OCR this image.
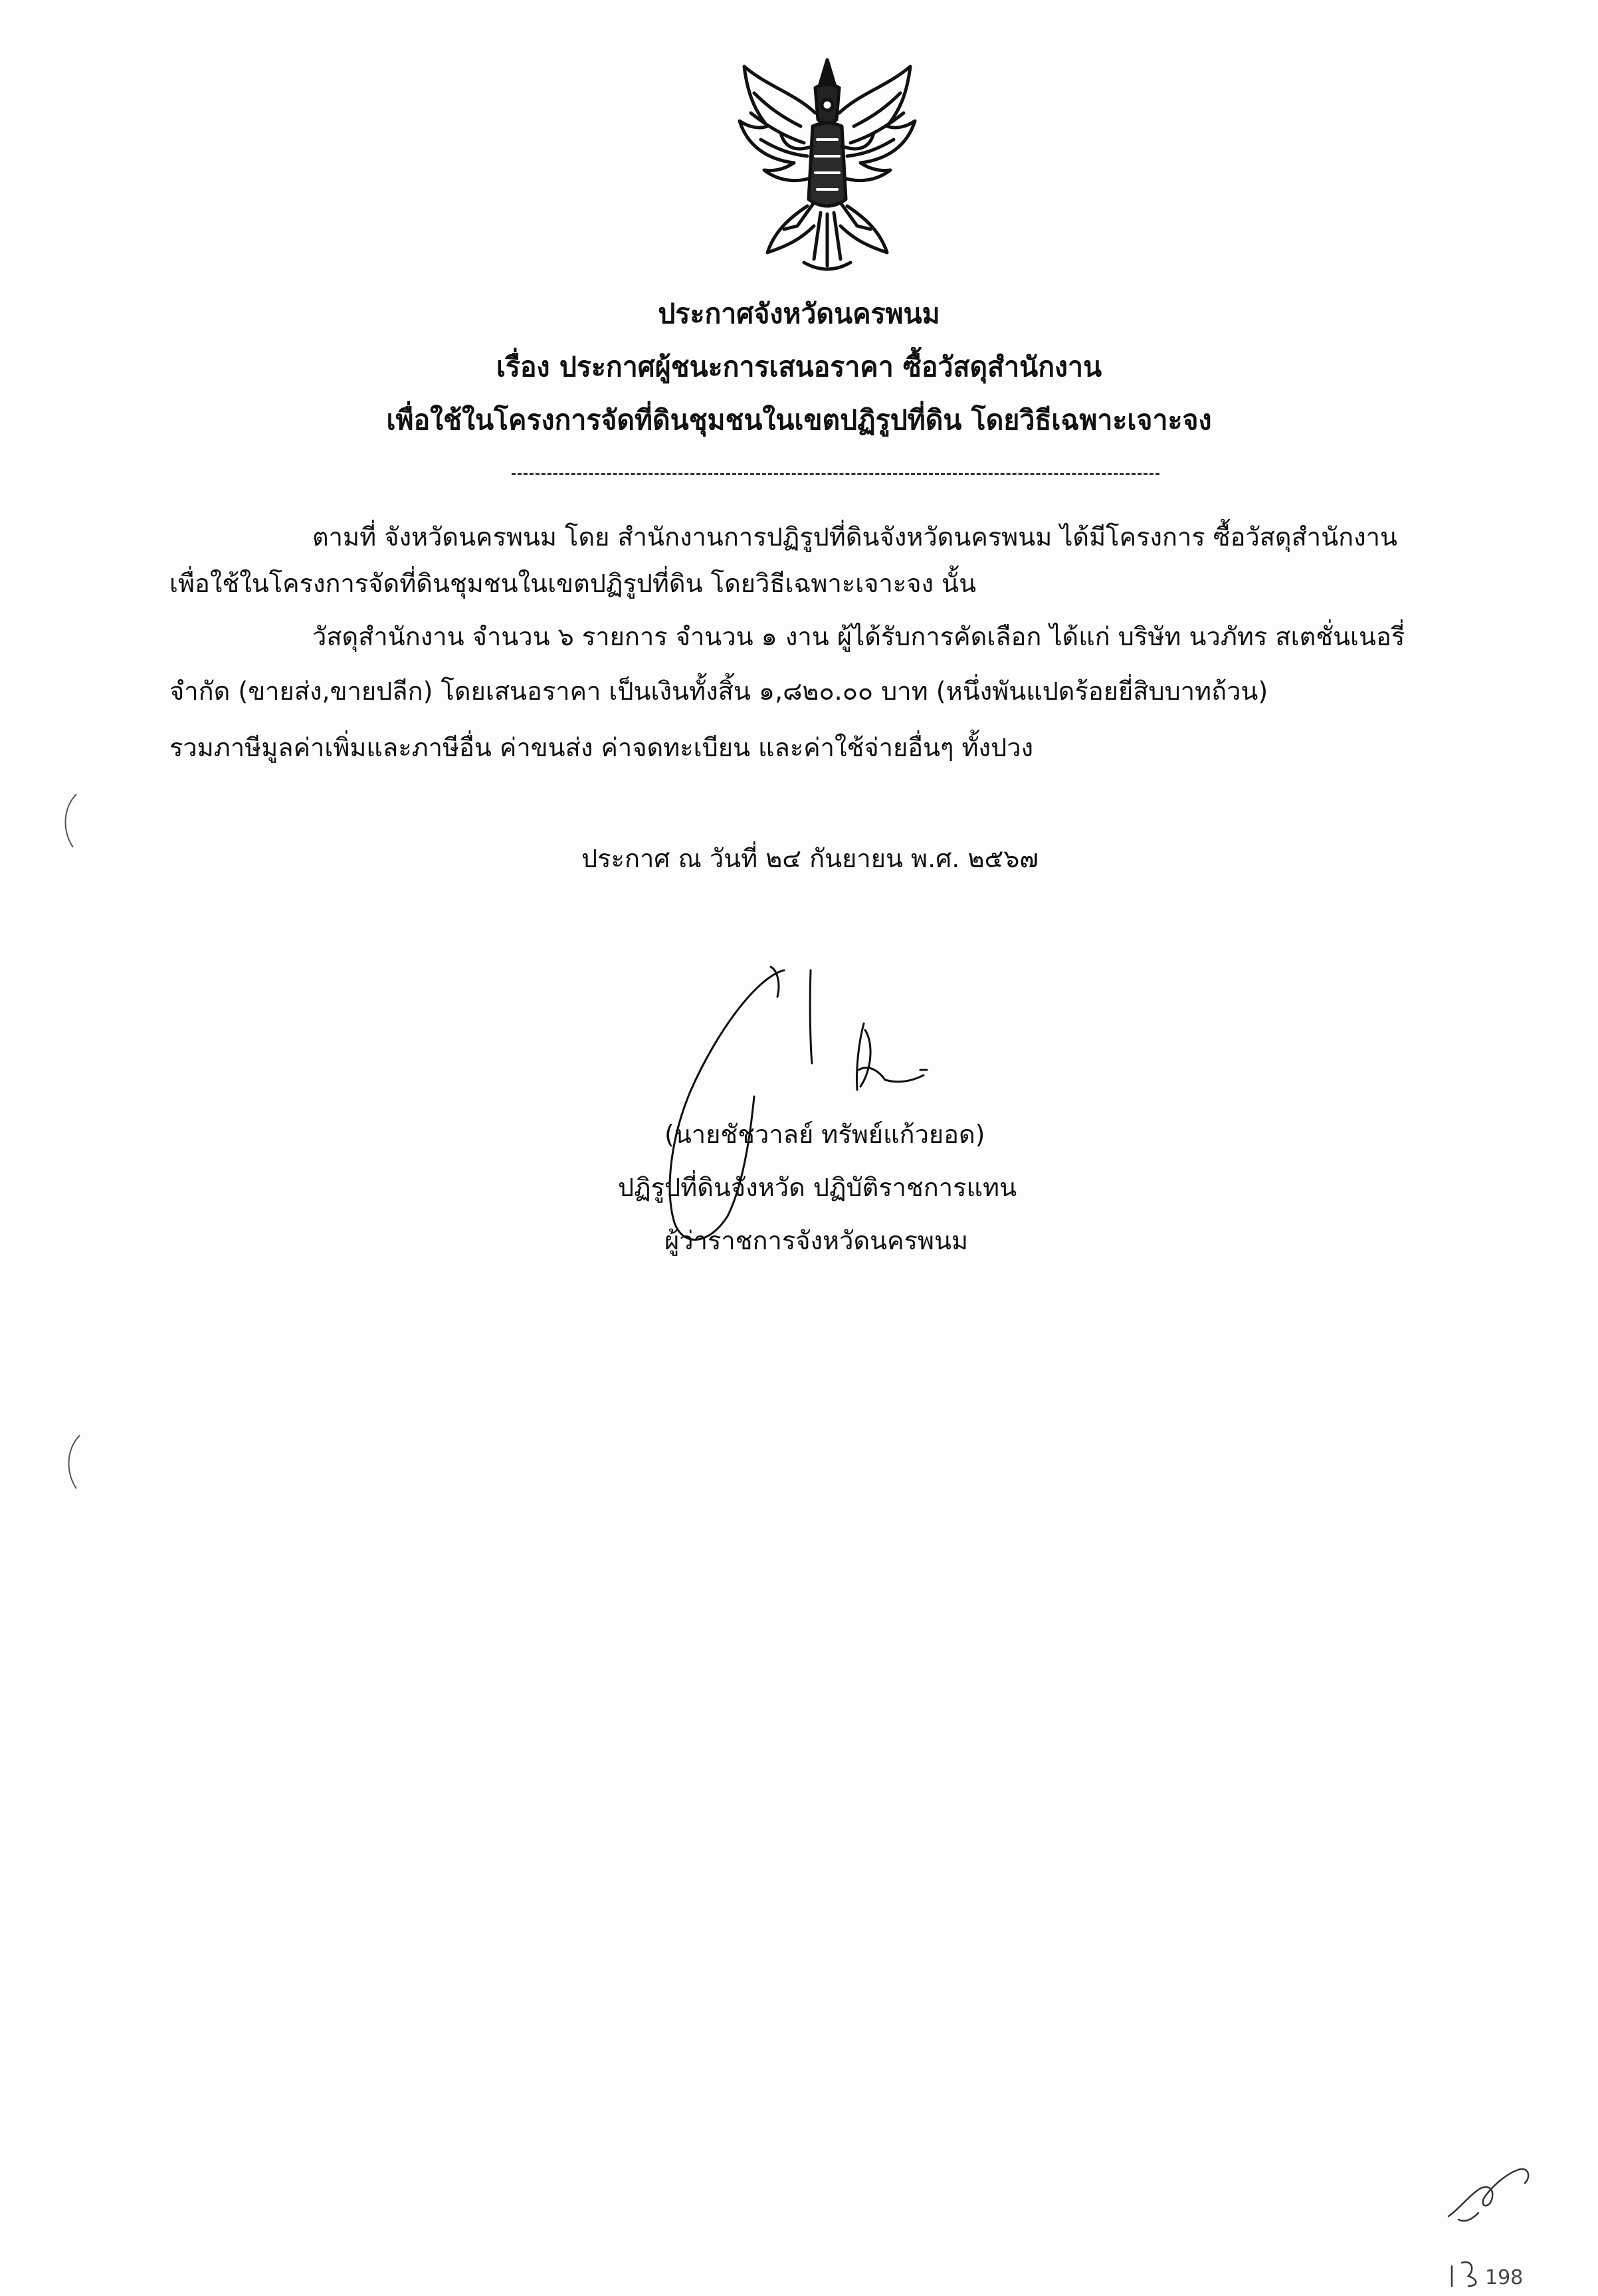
ประกาศจังหวัดนครพนม
เรื่อง ประกาศผู้ชนะการเสนอราคา ซื้อวัสดุสำนักงาน
เพื่อใช้ในโครงการจัดที่ดินชุมชนในเขตปฏิรูปที่ดิน โดยวิธีเฉพาะเจาะจง
ตามที่ จังหวัดนครพนม โดย สำนักงานการปฏิรูปที่ดินจังหวัดนครพนม ได้มีโครงการ ซื้อวัสดุสำนักงาน
เพื่อใช้ในโครงการจัดที่ดินชุมชนในเขตปฏิรูปที่ดิน โดยวิธีเฉพาะเจาะจง นั้น
วัสดุสำนักงาน จำนวน ๖ รายการ จำนวน ๑ งาน ผู้ได้รับการคัดเลือก ได้แก่ บริษัท นวภัทร สเตชั่นเนอรี่
จำกัด (ขายส่ง,ขายปลีก) โดยเสนอราคา เป็นเงินทั้งสิ้น ๑,๘๒๐.๐๐ บาท (หนึ่งพันแปดร้อยยี่สิบบาทถ้วน)
รวมภาษีมูลค่าเพิ่มและภาษีอื่น ค่าขนส่ง ค่าจดทะเบียน และค่าใช้จ่ายอื่นๆ ทั้งปวง
ประกาศ ณ วันที่ ๒๔ กันยายน พ.ศ. ๒๕๖๗
(นายชัชวาลย์ ทรัพย์แก้วยอด)
ปฏิรูปที่ดินจังหวัด ปฏิบัติราชการแทน
ผู้ว่าราชการจังหวัดนครพนม
198
